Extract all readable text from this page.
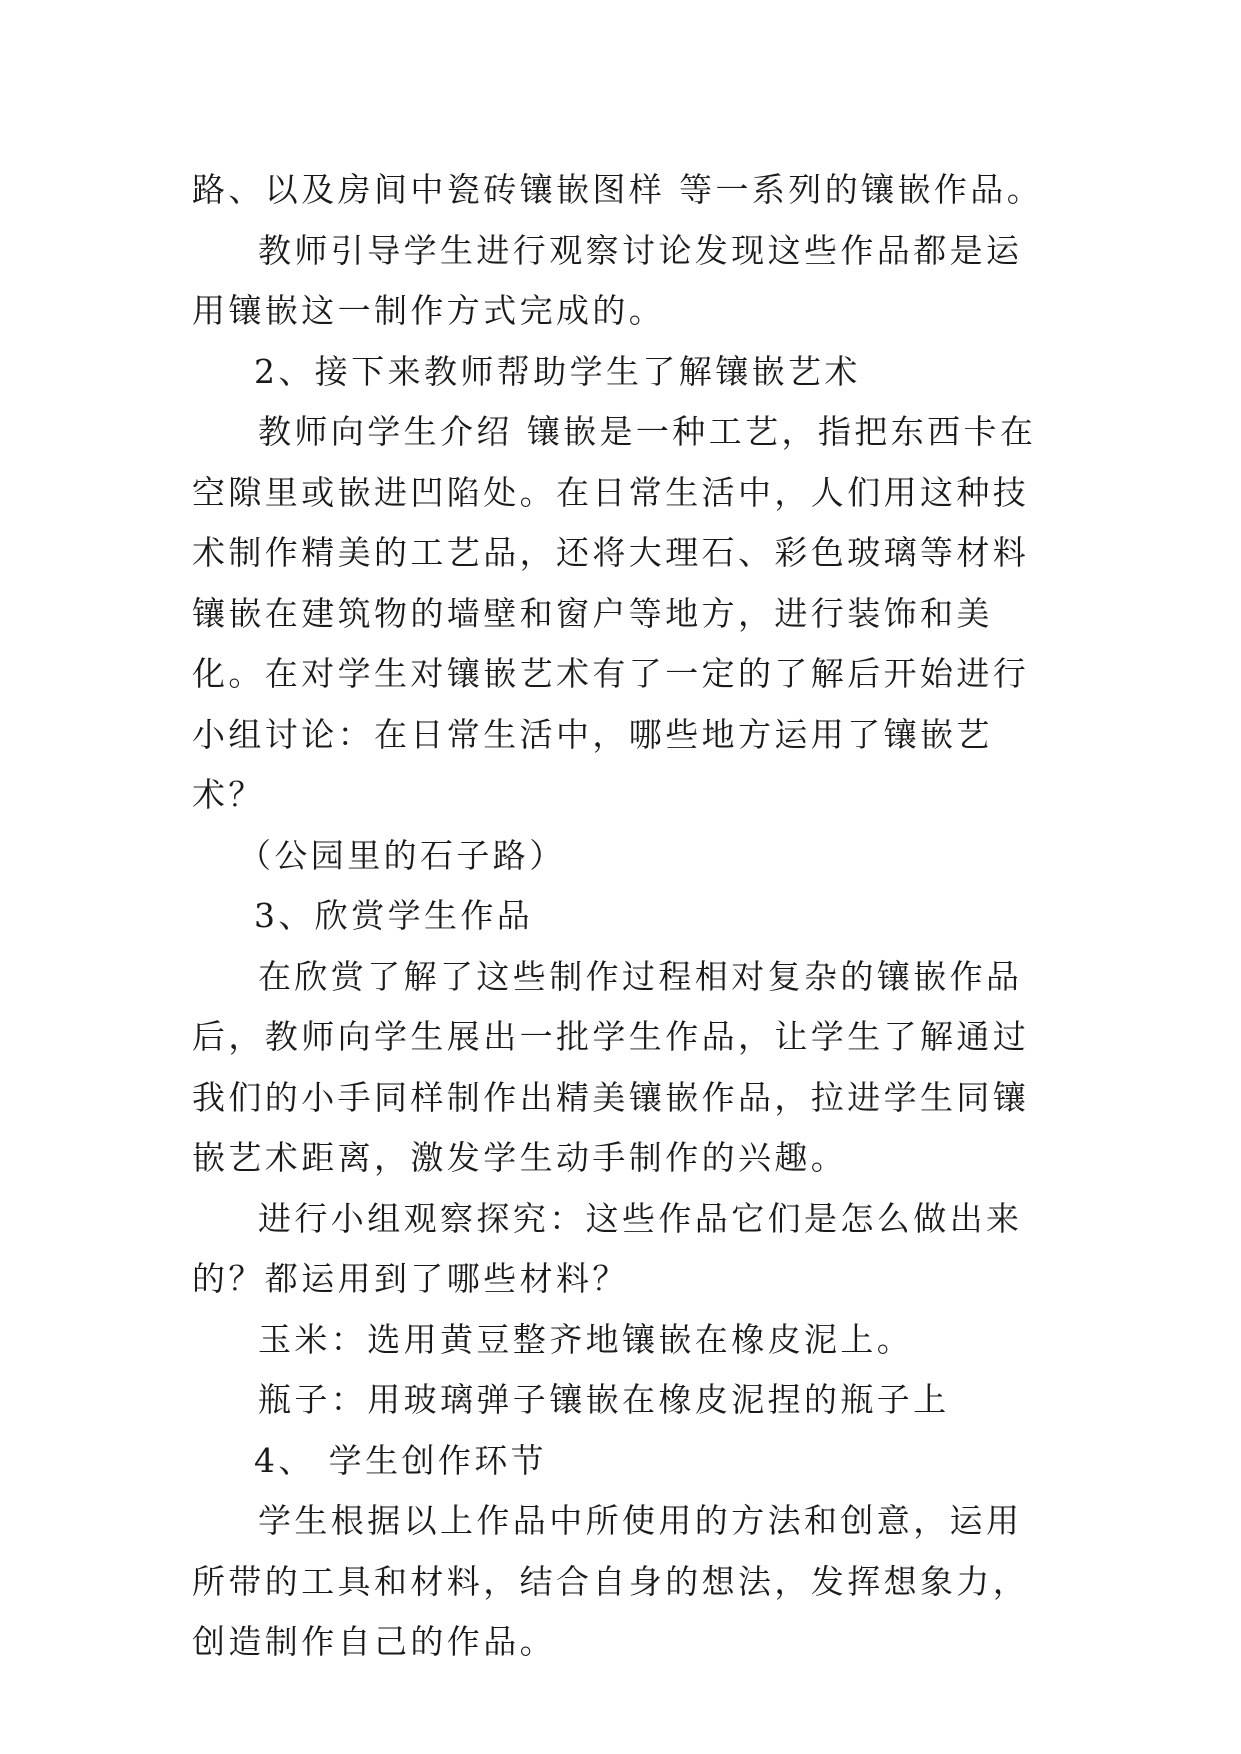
路、以及房间中瓷砖镶嵌图样 等一系列的镶嵌作品。

教师引导学生进行观察讨论发现这些作品都是运用镶嵌这一制作方式完成的。

2、接下来教师帮助学生了解镶嵌艺术

教师向学生介绍 镶嵌是一种工艺，指把东西卡在空隙里或嵌进凹陷处。在日常生活中，人们用这种技术制作精美的工艺品，还将大理石、彩色玻璃等材料镶嵌在建筑物的墙壁和窗户等地方，进行装饰和美化。在对学生对镶嵌艺术有了一定的了解后开始进行 小组讨论：在日常生活中，哪些地方运用了镶嵌艺术？

（公园里的石子路）

3、欣赏学生作品

在欣赏了解了这些制作过程相对复杂的镶嵌作品后，教师向学生展出一批学生作品，让学生了解通过我们的小手同样制作出精美镶嵌作品，拉进学生同镶嵌艺术距离，激发学生动手制作的兴趣。

进行小组观察探究：这些作品它们是怎么做出来的？都运用到了哪些材料？

玉米：选用黄豆整齐地镶嵌在橡皮泥上。

瓶子：用玻璃弹子镶嵌在橡皮泥捏的瓶子上

4、 学生创作环节

学生根据以上作品中所使用的方法和创意，运用所带的工具和材料，结合自身的想法，发挥想象力，创造制作自己的作品。
